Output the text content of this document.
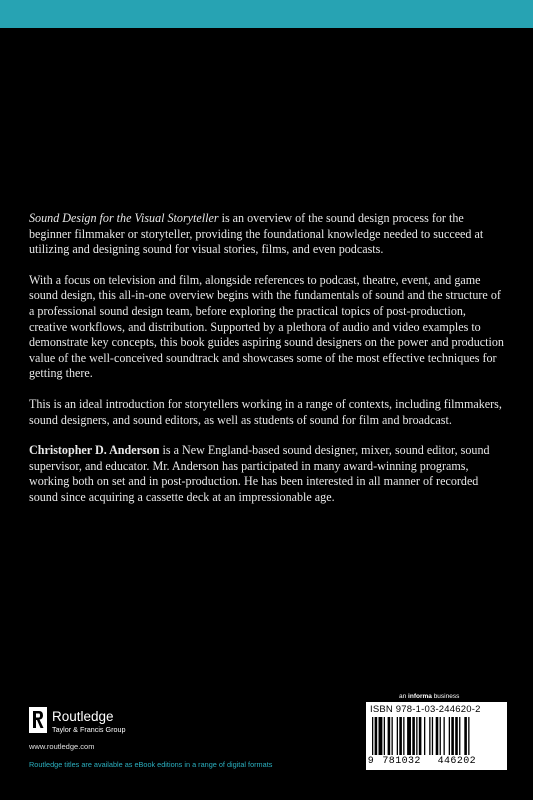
Sound Design for the Visual Storyteller is an overview of the sound design process for the beginner filmmaker or storyteller, providing the foundational knowledge needed to succeed at utilizing and designing sound for visual stories, films, and even podcasts.

With a focus on television and film, alongside references to podcast, theatre, event, and game sound design, this all-in-one overview begins with the fundamentals of sound and the structure of a professional sound design team, before exploring the practical topics of post-production, creative workflows, and distribution. Supported by a plethora of audio and video examples to demonstrate key concepts, this book guides aspiring sound designers on the power and production value of the well-conceived soundtrack and showcases some of the most effective techniques for getting there.

This is an ideal introduction for storytellers working in a range of contexts, including filmmakers, sound designers, and sound editors, as well as students of sound for film and broadcast.

Christopher D. Anderson is a New England-based sound designer, mixer, sound editor, sound supervisor, and educator. Mr. Anderson has participated in many award-winning programs, working both on set and in post-production. He has been interested in all manner of recorded sound since acquiring a cassette deck at an impressionable age.

an informa business
ISBN 978-1-03-244620-2
9 781032 446202
Routledge
Taylor & Francis Group
www.routledge.com
Routledge titles are available as eBook editions in a range of digital formats
